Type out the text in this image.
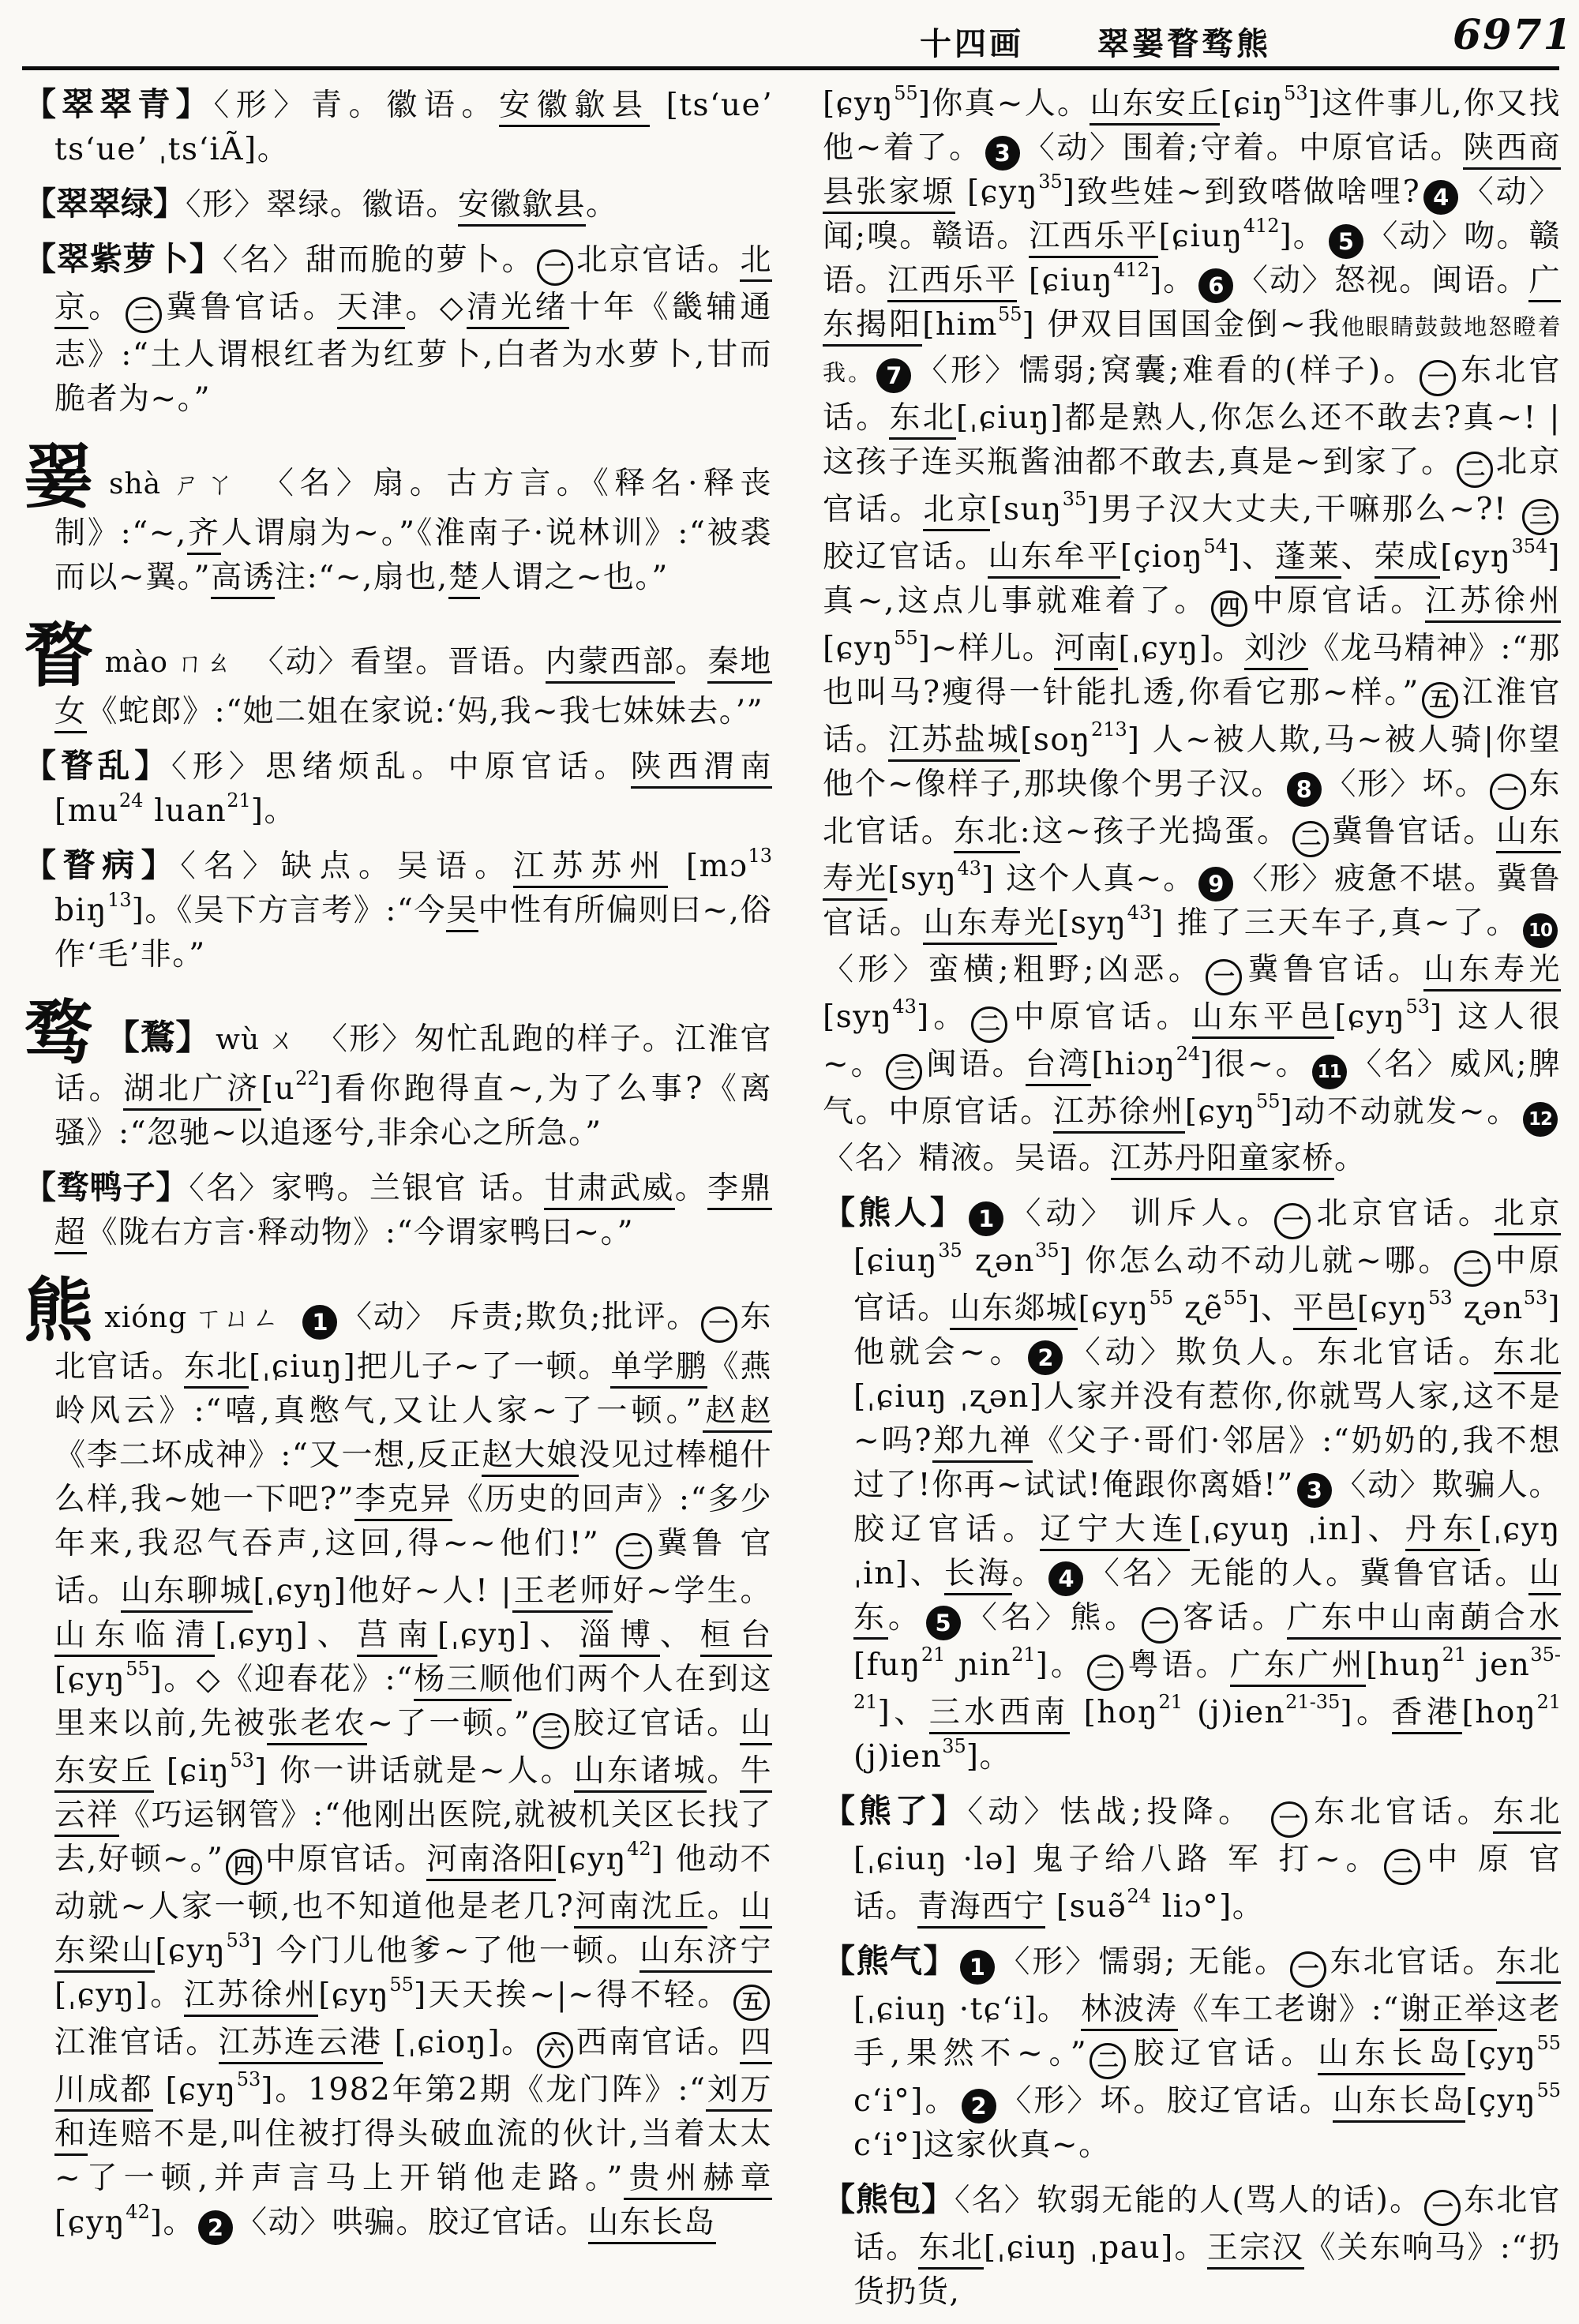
十四画 翠翣瞀骛熊	6971

【翠翠青】〈形〉青。徽语。安徽歙县 [tsʻueʼ tsʻueʼ ˌtsʻiÃ]。

【翠翠绿】〈形〉翠绿。徽语。安徽歙县。

【翠紫萝卜】〈名〉甜而脆的萝卜。 一 北京官话。北京。 二 冀鲁官话。天津。◇清光绪十年《畿辅通志》:“土人谓根红者为红萝卜,白者为水萝卜,甘而脆者为~。”

翣shà ㄕㄚ 〈名〉扇。古方言。《释名·释丧制》:“~,齐人谓扇为~。”《淮南子·说林训》:“被裘而以~翼。”高诱注:“~,扇也,楚人谓之~也。”

瞀mào ㄇㄠ 〈动〉看望。晋语。内蒙西部。秦地女《蛇郎》:“她二姐在家说:‘妈,我~我七妹妹去。’”

【瞀乱】〈形〉思绪烦乱。中原官话。陕西渭南 [$mu^{24}$ luan$^{21}$]。

【瞀病】〈名〉缺点。吴语。江苏苏州 [mɔ$^{13}$ biŋ$^{13}$]。《吴下方言考》:“今吴中性有所偏则曰~,俗作‘毛’非。”

骛 【鶩】 wù ㄨ 〈形〉匆忙乱跑的样子。江淮官话。湖北广济$[u^{22}]$看你跑得直~,为了么事?《离骚》:“忽驰~以追逐兮,非余心之所急。”

【骛鸭子】〈名〉家鸭。兰银官 话。甘肃武威。李鼎超《陇右方言·释动物》:“今谓家鸭曰~。”

熊xióng ㄒㄩㄥ 1 〈动〉 斥责;欺负;批评。 一 东北官话。东北[ˌɕiuŋ]把儿子~了一顿。单学鹏《燕岭风云》:“嘻,真憋气,又让人家~了一顿。”赵赵《李二坏成神》:“又一想,反正赵大娘没见过棒槌什么样,我~她一下吧?”李克异《历史的回声》:“多少年来,我忍气吞声,这回,得~~他们!” 二 冀鲁 官 话。山东聊城[ˌɕyŋ]他好~人! |王老师好~学生。山东临清[ˌɕyŋ]、莒南[ˌɕyŋ]、淄博、桓台[ɕyŋ$^{55}$]。◇《迎春花》:“杨三顺他们两个人在到这里来以前,先被张老农~了一顿。” 三 胶辽官话。山东安丘 [ɕiŋ$^{53}$] 你一讲话就是~人。山东诸城。牛云祥《巧运钢管》:“他刚出医院,就被机关区长找了去,好顿~。” 四 中原官话。河南洛阳[ɕyŋ$^{42}$] 他动不动就~人家一顿,也不知道他是老几?河南沈丘。山东梁山[ɕyŋ$^{53}$] 今门儿他爹~了他一顿。山东济宁[ˌɕyŋ]。江苏徐州[ɕyŋ$^{55}$]天天挨~|~得不轻。 五江淮官话。江苏连云港 [ˌɕioŋ]。 六 西南官话。四川成都 [ɕyŋ$^{53}$]。1982年第2期《龙门阵》:“刘万和连赔不是,叫住被打得头破血流的伙计,当着太太~了一顿,并声言马上开销他走路。”贵州赫章 [ɕyŋ$^{42}$]。 2 〈动〉哄骗。胶辽官话。山东长岛

[ɕyŋ$^{55}$]你真~人。山东安丘[ɕiŋ$^{53}$]这件事儿,你又找他~着了。 3 〈动〉围着;守着。中原官话。陕西商县张家塬 [ɕyŋ$^{35}$]致些娃~到致嗒做啥哩? 4 〈动〉闻;嗅。赣语。江西乐平[ɕiuŋ$^{412}$]。 5 〈动〉吻。赣语。江西乐平 [ɕiuŋ$^{412}$]。 6 〈动〉怒视。闽语。广东揭阳[him$^{55}$] 伊双目国国金倒~我他眼睛鼓鼓地怒瞪着我。 7 〈形〉懦弱;窝囊;难看的(样子)。 一 东北官话。东北[ˌɕiuŋ]都是熟人,你怎么还不敢去?真~! |这孩子连买瓶酱油都不敢去,真是~到家了。 二 北京官话。北京[suŋ$^{35}$]男子汉大丈夫,干嘛那么~?! 三胶辽官话。山东牟平[çioŋ$^{54}$]、蓬莱、荣成[ɕyŋ$^{354}$] 真~,这点儿事就难着了。 四 中原官话。江苏徐州 [ɕyŋ$^{55}$]~样儿。河南[ˌɕyŋ]。刘沙《龙马精神》:“那也叫马?瘦得一针能扎透,你看它那~样。” 五 江淮官话。江苏盐城[soŋ$^{213}$] 人~被人欺,马~被人骑|你望他个~像样子,那块像个男子汉。 8 〈形〉坏。 一 东北官话。东北:这~孩子光捣蛋。 二 冀鲁官话。山东寿光[syŋ$^{43}$] 这个人真~。 9 〈形〉疲惫不堪。冀鲁官话。山东寿光[syŋ$^{43}$] 推了三天车子,真~了。 10〈形〉蛮横;粗野;凶恶。 一 冀鲁官话。山东寿光 [syŋ$^{43}$]。 二 中原官话。山东平邑[ɕyŋ$^{53}$] 这人很~。 三 闽语。台湾[hiɔŋ$^{24}$]很~。 11 〈名〉威风;脾气。中原官话。江苏徐州[ɕyŋ$^{55}$]动不动就发~。 12〈名〉精液。吴语。江苏丹阳童家桥。

【熊人】 1 〈动〉 训斥人。 一 北京官话。北京 [ɕiuŋ$^{35}$ ʐən$^{35}$] 你怎么动不动儿就~哪。 二 中原官话。山东郯城[ɕyŋ$^{55}$ ʐẽ$^{55}$]、平邑[ɕyŋ$^{53}$ ʐən$^{53}$]他就会~。 2 〈动〉欺负人。东北官话。东北[ˌɕiuŋ ˌʐən]人家并没有惹你,你就骂人家,这不是~吗?郑九禅《父子·哥们·邻居》:“奶奶的,我不想过了!你再~试试!俺跟你离婚!” 3 〈动〉欺骗人。胶辽官话。辽宁大连[ˌɕyuŋ ˌin]、丹东[ˌɕyŋ ˌin]、长海。 4 〈名〉无能的人。冀鲁官话。山东。 5 〈名〉熊。 一 客话。广东中山南蓢合水 [fuŋ$^{21}$ ɲin$^{21}$]。 二 粤语。广东广州[huŋ$^{21}$ jen$^{35-21}$]、三水西南 [hoŋ$^{21}$ (j)ien$^{21-35}$]。香港[hoŋ$^{21}$ (j)ien$^{35}$]。

【熊了】〈动〉怯战;投降。 一 东北官话。东北[ˌɕiuŋ ·lə] 鬼子给八路 军 打~。 二 中 原 官 话。青海西宁 [suə̃$^{24}$ liɔ°]。

【熊气】 1 〈形〉懦弱; 无能。 一 东北官话。东北[ˌɕiuŋ ·tɕʻi]。 林波涛《车工老谢》:“谢正举这老手,果然不~。” 二 胶辽官话。山东长岛[çyŋ$^{55}$ cʻi°]。 2 〈形〉坏。胶辽官话。山东长岛[çyŋ$^{55}$ cʻi°]这家伙真~。

【熊包】〈名〉软弱无能的人(骂人的话)。 一 东北官话。东北[ˌɕiuŋ ˌpau]。王宗汉《关东响马》:“扔货扔货,
